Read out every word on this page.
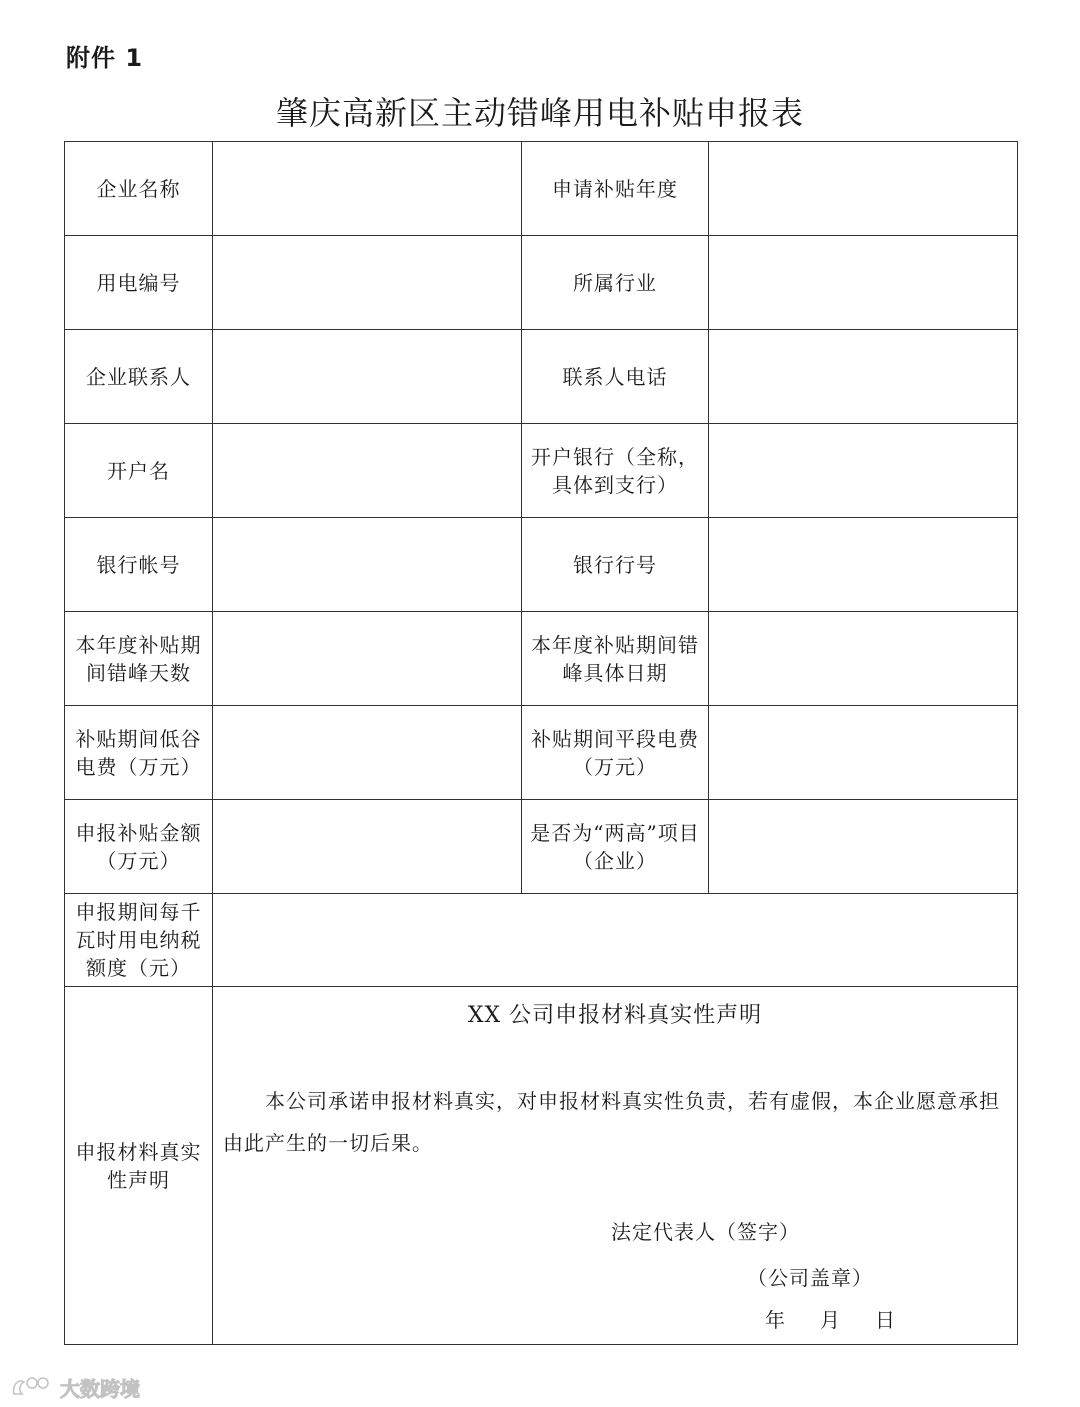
附件 1
肇庆高新区主动错峰用电补贴申报表
企业名称		申请补贴年度	
用电编号		所属行业	
企业联系人		联系人电话	
开户名		开户银行（全称，具体到支行）	
银行帐号		银行行号	
本年度补贴期间错峰天数		本年度补贴期间错峰具体日期	
补贴期间低谷电费（万元）		补贴期间平段电费（万元）	
申报补贴金额（万元）		是否为“两高”项目（企业）	
申报期间每千瓦时用电纳税额度（元）			
申报材料真实性声明	XX 公司申报材料真实性声明
本公司承诺申报材料真实，对申报材料真实性负责，若有虚假，本企业愿意承担由此产生的一切后果。
法定代表人（签字）
（公司盖章）
年 月 日		
大数跨境
